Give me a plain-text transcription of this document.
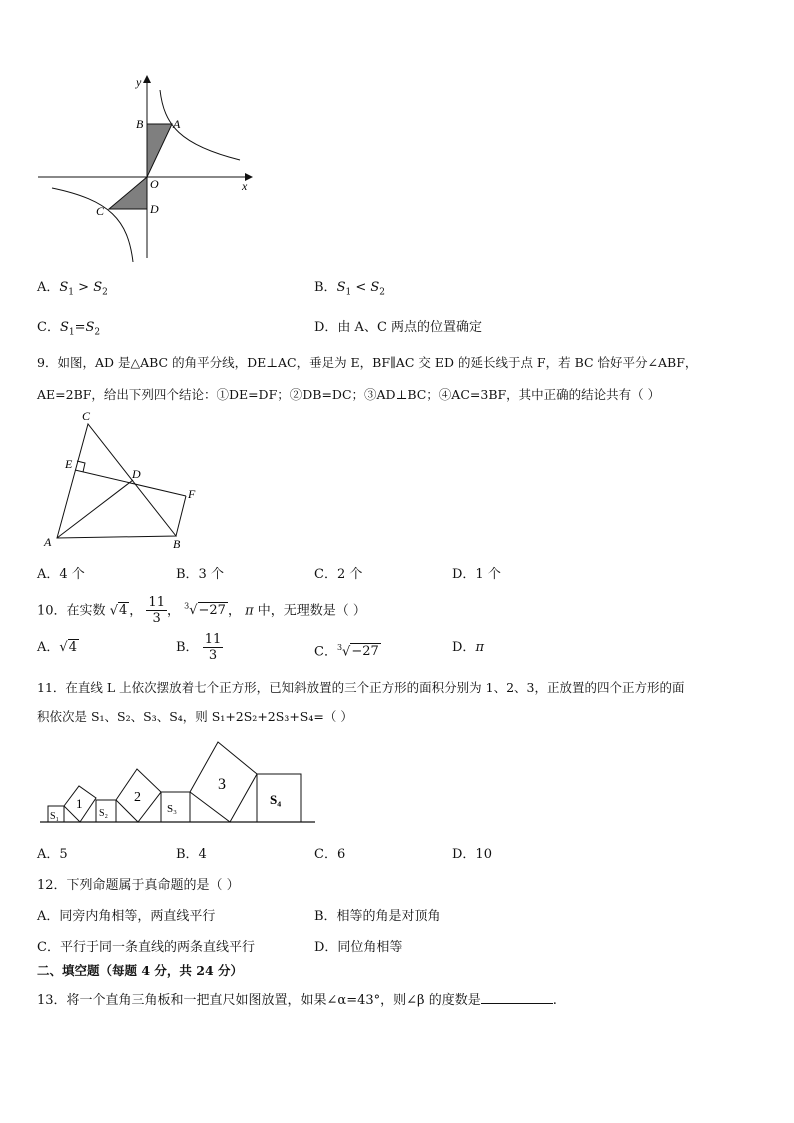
y
x
B A
O
C	D
A．$S_1 > S_2$	B．$S_1 < S_2$
C．$S_1=S_2$	D．由 A、C 两点的位置确定
9．如图，AD 是△ABC 的角平分线，DE⊥AC，垂足为 E，BF∥AC 交 ED 的延长线于点 F，若 BC 恰好平分∠ABF，
AE=2BF，给出下列四个结论：①DE=DF；②DB=DC；③AD⊥BC；④AC=3BF，其中正确的结论共有（ ）
C
E
D
F
A	B
A．4 个	B．3 个	C．2 个	D．1 个
10．在实数 √4 ， $\frac{11}{3}$ ， $^3$√−27 ， π 中，无理数是（ ）
A．√4	B． $\frac{11}{3}$	C．$^3$√−27	D．π
11．在直线 L 上依次摆放着七个正方形，已知斜放置的三个正方形的面积分别为 1、2、3，正放置的四个正方形的面
积依次是 S₁、S₂、S₃、S₄，则 S₁+2S₂+2S₃+S₄=（ ）
S₁
1
S₂
2
S₃
3
S₄
A．5	B．4	C．6	D．10
12．下列命题属于真命题的是（ ）
A．同旁内角相等，两直线平行	B．相等的角是对顶角
C．平行于同一条直线的两条直线平行	D．同位角相等
二、填空题（每题 4 分，共 24 分）
13．将一个直角三角板和一把直尺如图放置，如果∠α=43°，则∠β 的度数是	.
